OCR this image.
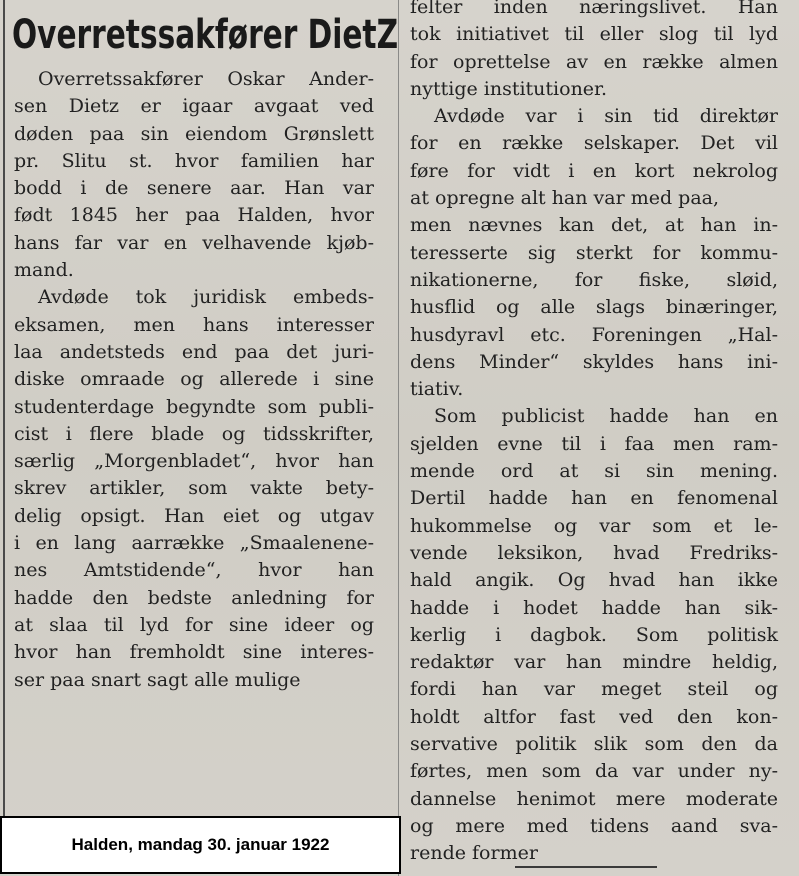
Overretssakfører DietZ
Overretssakfører Oskar Ander-
sen Dietz er igaar avgaat ved
døden paa sin eiendom Grønslett
pr. Slitu st. hvor familien har
bodd i de senere aar. Han var
født 1845 her paa Halden, hvor
hans far var en velhavende kjøb-
mand.
Avdøde tok juridisk embeds-
eksamen, men hans interesser
laa andetsteds end paa det juri-
diske omraade og allerede i sine
studenterdage begyndte som publi-
cist i flere blade og tidsskrifter,
særlig „Morgenbladet“, hvor han
skrev artikler, som vakte bety-
delig opsigt. Han eiet og utgav
i en lang aarrække „Smaalenene-
nes Amtstidende“, hvor han
hadde den bedste anledning for
at slaa til lyd for sine ideer og
hvor han fremholdt sine interes-
ser paa snart sagt alle mulige
felter inden næringslivet. Han
tok initiativet til eller slog til lyd
for oprettelse av en række almen
nyttige institutioner.
Avdøde var i sin tid direktør
for en række selskaper. Det vil
føre for vidt i en kort nekrolog
at opregne alt han var med paa,
men nævnes kan det, at han in-
teresserte sig sterkt for kommu-
nikationerne, for fiske, sløid,
husflid og alle slags binæringer,
husdyravl etc. Foreningen „Hal-
dens Minder“ skyldes hans ini-
tiativ.
Som publicist hadde han en
sjelden evne til i faa men ram-
mende ord at si sin mening.
Dertil hadde han en fenomenal
hukommelse og var som et le-
vende leksikon, hvad Fredriks-
hald angik. Og hvad han ikke
hadde i hodet hadde han sik-
kerlig i dagbok. Som politisk
redaktør var han mindre heldig,
fordi han var meget steil og
holdt altfor fast ved den kon-
servative politik slik som den da
førtes, men som da var under ny-
dannelse henimot mere moderate
og mere med tidens aand sva-
rende former
Halden, mandag 30. januar 1922
